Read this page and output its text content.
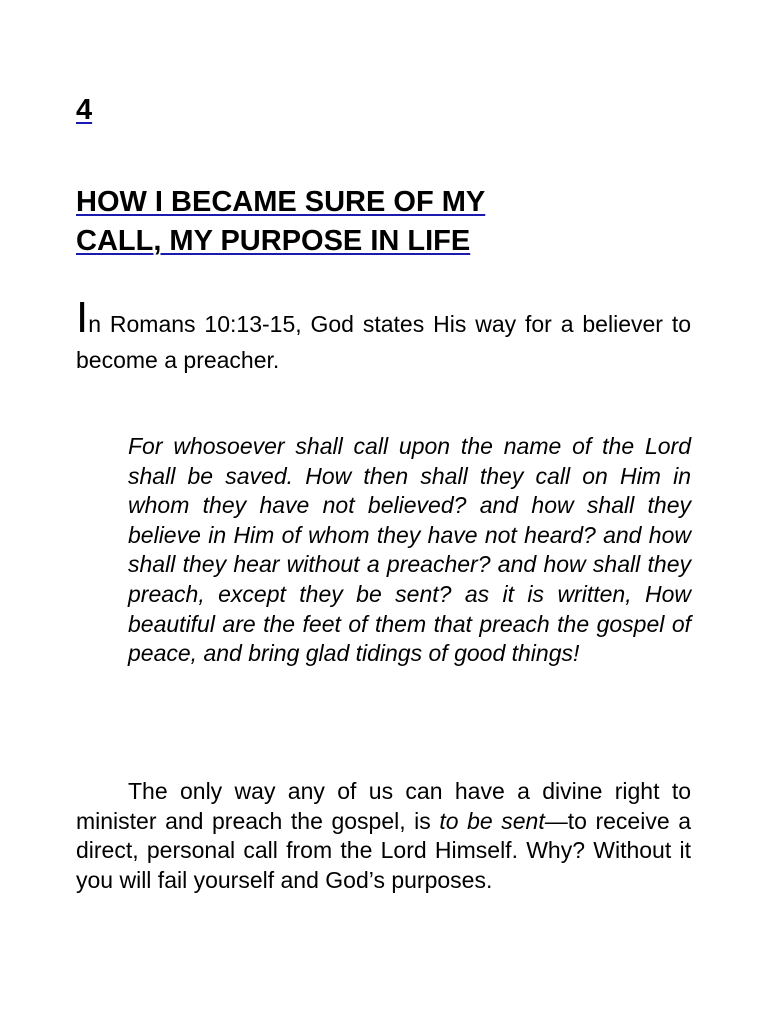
4
HOW I BECAME SURE OF MY
CALL, MY PURPOSE IN LIFE

In Romans 10:13-15, God states His way for a believer to become a preacher.

For whosoever shall call upon the name of the Lord shall be saved. How then shall they call on Him in whom they have not believed? and how shall they believe in Him of whom they have not heard? and how shall they hear without a preacher? and how shall they preach, except they be sent? as it is written, How beautiful are the feet of them that preach the gospel of peace, and bring glad tidings of good things!

The only way any of us can have a divine right to minister and preach the gospel, is to be sent—to receive a direct, personal call from the Lord Himself. Why? Without it you will fail yourself and God’s purposes.
